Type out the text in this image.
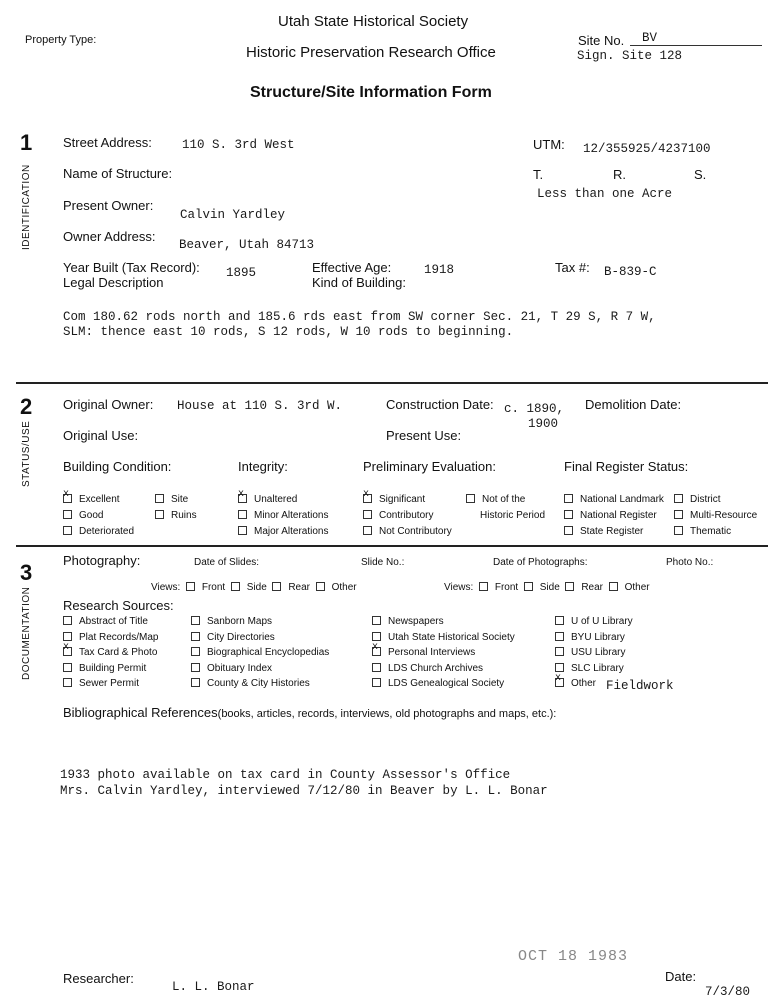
Utah State Historical Society
Historic Preservation Research Office
Structure/Site Information Form
Property Type:	Site No.	BV
Sign. Site 128
1
IDENTIFICATION
Street Address: 110 S. 3rd West	UTM: 12/355925/4237100
Name of Structure:	T.	R.	S.
Less than one Acre
Present Owner:
Calvin Yardley
Owner Address:
Beaver, Utah 84713
Year Built (Tax Record): 1895	Effective Age:	1918	Tax #: B-839-C
Legal Description	Kind of Building:
Com 180.62 rods north and 185.6 rds east from SW corner Sec. 21, T 29 S, R 7 W,
SLM: thence east 10 rods, S 12 rods, W 10 rods to beginning.
2
STATUS/USE
Original Owner: House at 110 S. 3rd W.	Construction Date: c. 1890,
1900
Demolition Date:
Original Use:	Present Use:
Building Condition:	Integrity:	Preliminary Evaluation:	Final Register Status:
xExcellent
Good
Deteriorated
Site
Ruins
xUnaltered
Minor Alterations
Major Alterations
xSignificant
Contributory
Not Contributory
Not of the
Historic Period
National Landmark
National Register
State Register
District
Multi-Resource
Thematic
3
DOCUMENTATION
Photography:	Date of Slides:	Slide No.:	Date of Photographs:	Photo No.:
Views: Front Side Rear Other	Views: Front Side Rear Other
Research Sources:
Abstract of Title
Plat Records/Map
xTax Card & Photo
Building Permit
Sewer Permit
Sanborn Maps
City Directories
Biographical Encyclopedias
Obituary Index
County & City Histories
Newspapers
Utah State Historical Society
xPersonal Interviews
LDS Church Archives
LDS Genealogical Society
U of U Library
BYU Library
USU Library
SLC Library
xOther Fieldwork
Bibliographical References(books, articles, records, interviews, old photographs and maps, etc.):
1933 photo available on tax card in County Assessor's Office
Mrs. Calvin Yardley, interviewed 7/12/80 in Beaver by L. L. Bonar
OCT 18 1983
Researcher:
L. L. Bonar
Date:
7/3/80
